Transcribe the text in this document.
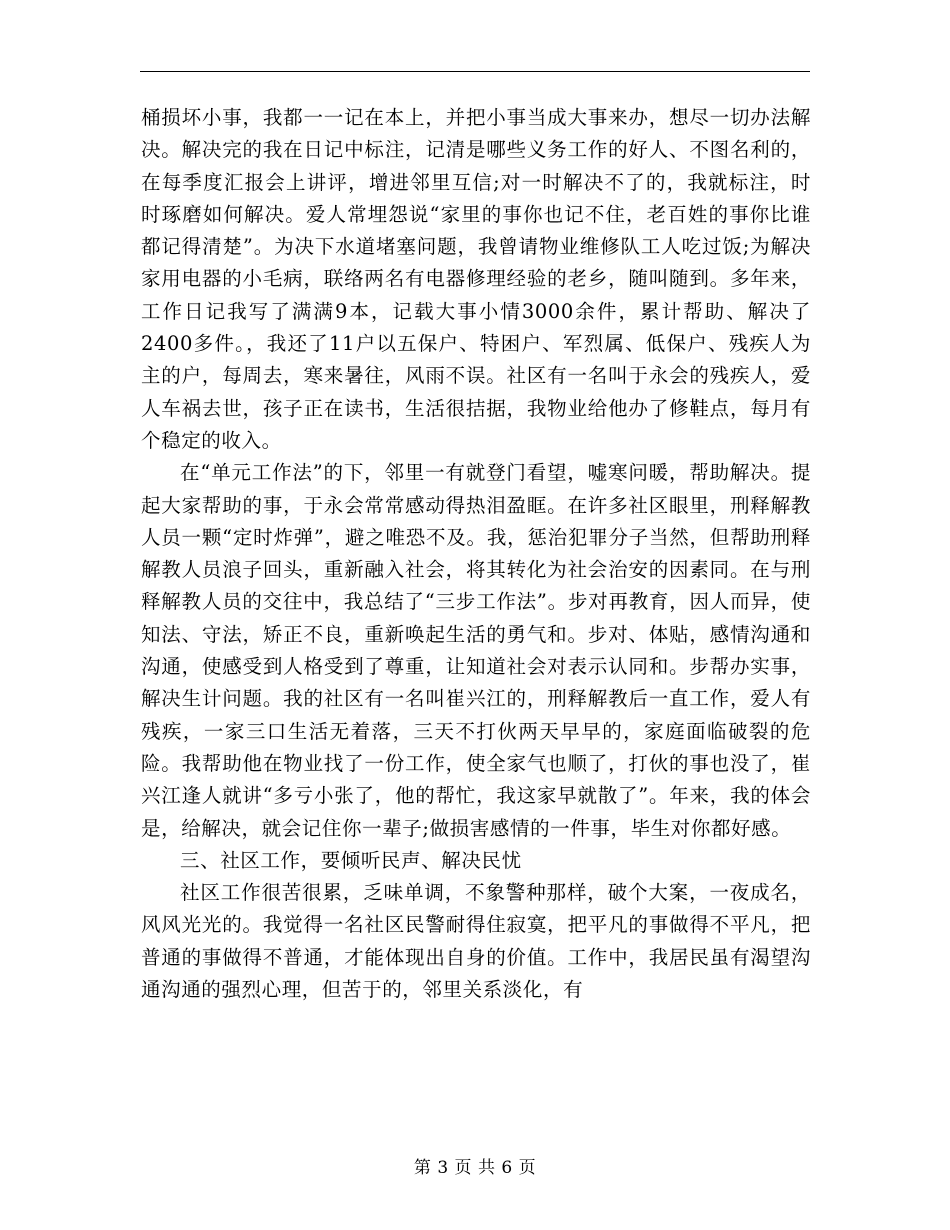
桶损坏小事，我都一一记在本上，并把小事当成大事来办，想尽一切办法解决。解决完的我在日记中标注，记清是哪些义务工作的好人、不图名利的，在每季度汇报会上讲评，增进邻里互信;对一时解决不了的，我就标注，时时琢磨如何解决。爱人常埋怨说“家里的事你也记不住，老百姓的事你比谁都记得清楚”。为决下水道堵塞问题，我曾请物业维修队工人吃过饭;为解决家用电器的小毛病，联络两名有电器修理经验的老乡，随叫随到。多年来，工作日记我写了满满9本，记载大事小情3000余件，累计帮助、解决了2400多件。，我还了11户以五保户、特困户、军烈属、低保户、残疾人为主的户，每周去，寒来暑往，风雨不误。社区有一名叫于永会的残疾人，爱人车祸去世，孩子正在读书，生活很拮据，我物业给他办了修鞋点，每月有个稳定的收入。

在“单元工作法”的下，邻里一有就登门看望，嘘寒问暖，帮助解决。提起大家帮助的事，于永会常常感动得热泪盈眶。在许多社区眼里，刑释解教人员一颗“定时炸弹”，避之唯恐不及。我，惩治犯罪分子当然，但帮助刑释解教人员浪子回头，重新融入社会，将其转化为社会治安的因素同。在与刑释解教人员的交往中，我总结了“三步工作法”。步对再教育，因人而异，使知法、守法，矫正不良，重新唤起生活的勇气和。步对、体贴，感情沟通和沟通，使感受到人格受到了尊重，让知道社会对表示认同和。步帮办实事，解决生计问题。我的社区有一名叫崔兴江的，刑释解教后一直工作，爱人有残疾，一家三口生活无着落，三天不打伙两天早早的，家庭面临破裂的危险。我帮助他在物业找了一份工作，使全家气也顺了，打伙的事也没了，崔兴江逢人就讲“多亏小张了，他的帮忙，我这家早就散了”。年来，我的体会是，给解决，就会记住你一辈子;做损害感情的一件事，毕生对你都好感。

三、社区工作，要倾听民声、解决民忧

社区工作很苦很累，乏味单调，不象警种那样，破个大案，一夜成名，风风光光的。我觉得一名社区民警耐得住寂寞，把平凡的事做得不平凡，把普通的事做得不普通，才能体现出自身的价值。工作中，我居民虽有渴望沟通沟通的强烈心理，但苦于的，邻里关系淡化，有

第 3 页 共 6 页
